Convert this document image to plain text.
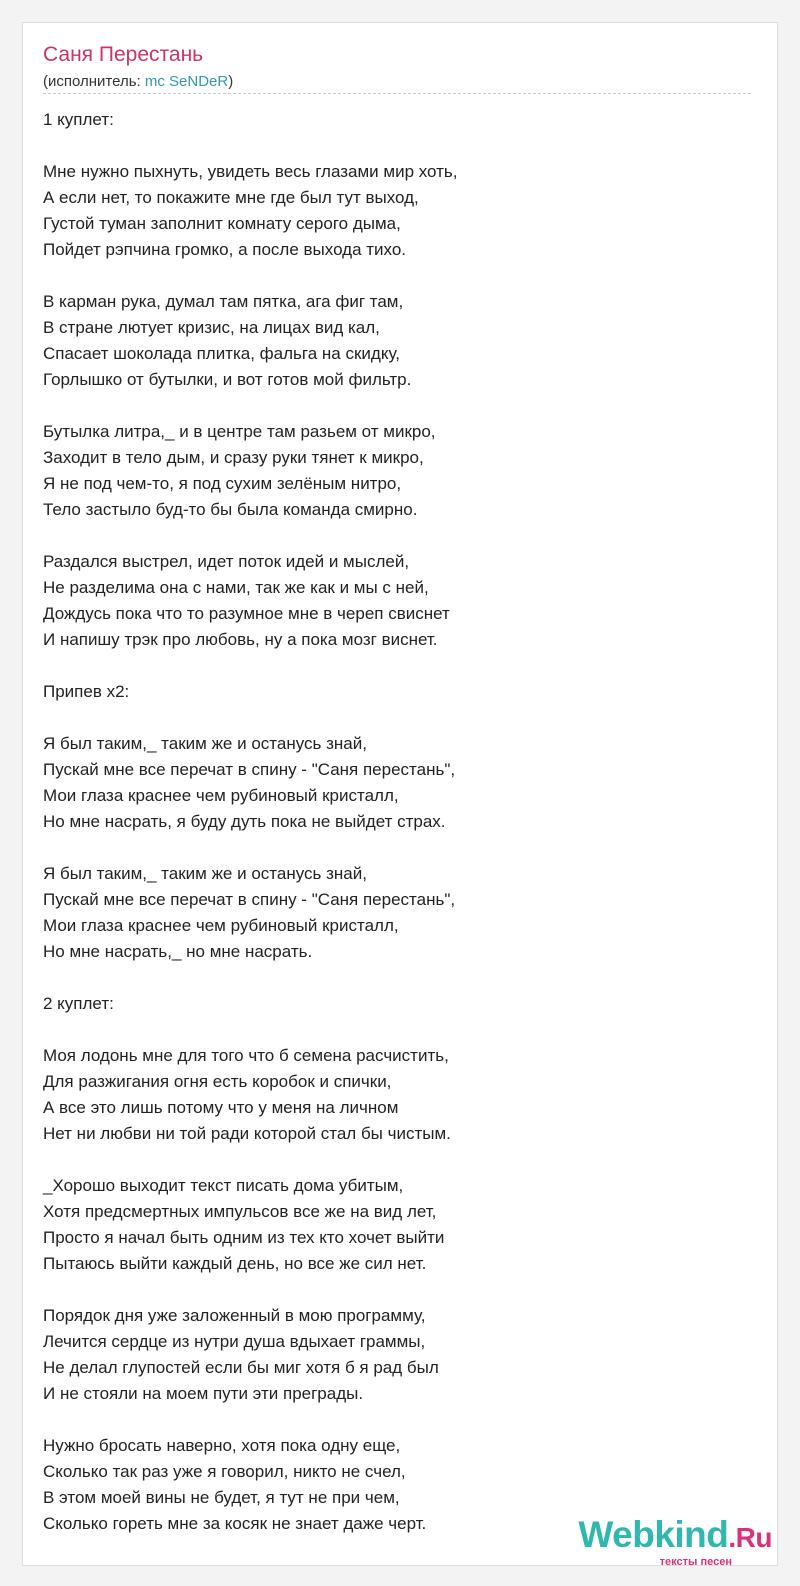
Саня Перестань
(исполнитель: mc SeNDeR)
1 куплет:
Мне нужно пыхнуть, увидеть весь глазами мир хоть,
А если нет, то покажите мне где был тут выход,
Густой туман заполнит комнату серого дыма,
Пойдет рэпчина громко, а после выхода тихо.
В карман рука, думал там пятка, ага фиг там,
В стране лютует кризис, на лицах вид кал,
Спасает шоколада плитка, фальга на скидку,
Горлышко от бутылки, и вот готов мой фильтр.
Бутылка литра,_ и в центре там разьем от микро,
Заходит в тело дым, и сразу руки тянет к микро,
Я не под чем-то, я под сухим зелёным нитро,
Тело застыло буд-то бы была команда смирно.
Раздался выстрел, идет поток идей и мыслей,
Не разделима она с нами, так же как и мы с ней,
Дождусь пока что то разумное мне в череп свиснет
И напишу трэк про любовь, ну а пока мозг виснет.
Припев x2:
Я был таким,_ таким же и останусь знай,
Пускай мне все перечат в спину - "Саня перестань",
Мои глаза краснее чем рубиновый кристалл,
Но мне насрать, я буду дуть пока не выйдет страх.
Я был таким,_ таким же и останусь знай,
Пускай мне все перечат в спину - "Саня перестань",
Мои глаза краснее чем рубиновый кристалл,
Но мне насрать,_ но мне насрать.
2 куплет:
Моя лодонь мне для того что б семена расчистить,
Для разжигания огня есть коробок и спички,
А все это лишь потому что у меня на личном
Нет ни любви ни той ради которой стал бы чистым.
_Хорошо выходит текст писать дома убитым,
Хотя предсмертных импульсов все же на вид лет,
Просто я начал быть одним из тех кто хочет выйти
Пытаюсь выйти каждый день, но все же сил нет.
Порядок дня уже заложенный в мою программу,
Лечится сердце из нутри душа вдыхает граммы,
Не делал глупостей если бы миг хотя б я рад был
И не стояли на моем пути эти преграды.
Нужно бросать наверно, хотя пока одну еще,
Сколько так раз уже я говорил, никто не счел,
В этом моей вины не будет, я тут не при чем,
Сколько гореть мне за косяк не знает даже черт.	Webkind.Ru
тексты песен
